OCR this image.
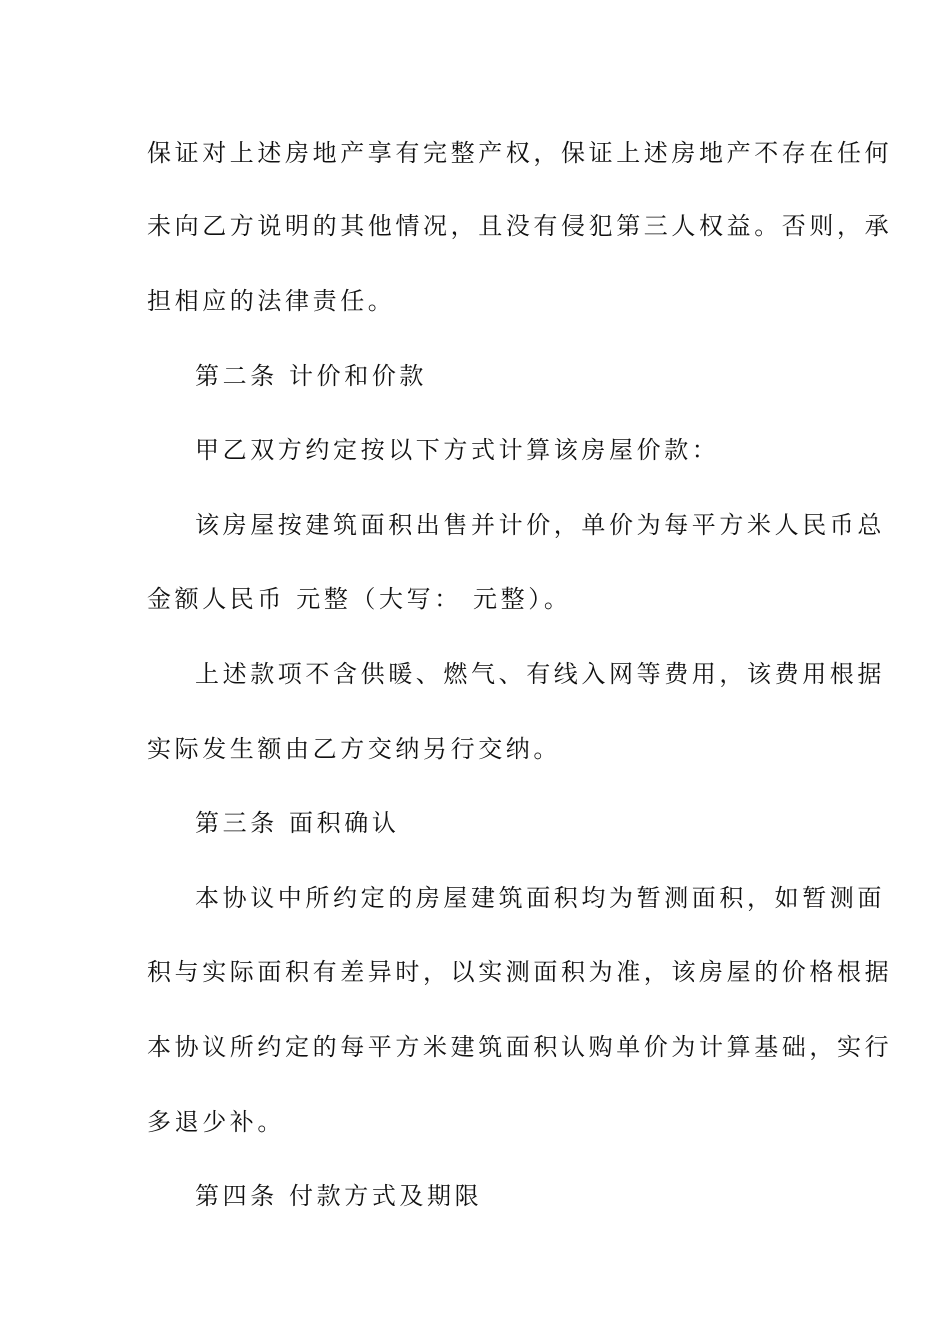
保证对上述房地产享有完整产权，保证上述房地产不存在任何
未向乙方说明的其他情况，且没有侵犯第三人权益。否则，承
担相应的法律责任。
第二条 计价和价款
甲乙双方约定按以下方式计算该房屋价款：
该房屋按建筑面积出售并计价，单价为每平方米人民币总
金额人民币 元整（大写： 元整）。
上述款项不含供暖、燃气、有线入网等费用，该费用根据
实际发生额由乙方交纳另行交纳。
第三条 面积确认
本协议中所约定的房屋建筑面积均为暂测面积，如暂测面
积与实际面积有差异时，以实测面积为准，该房屋的价格根据
本协议所约定的每平方米建筑面积认购单价为计算基础，实行
多退少补。
第四条 付款方式及期限
